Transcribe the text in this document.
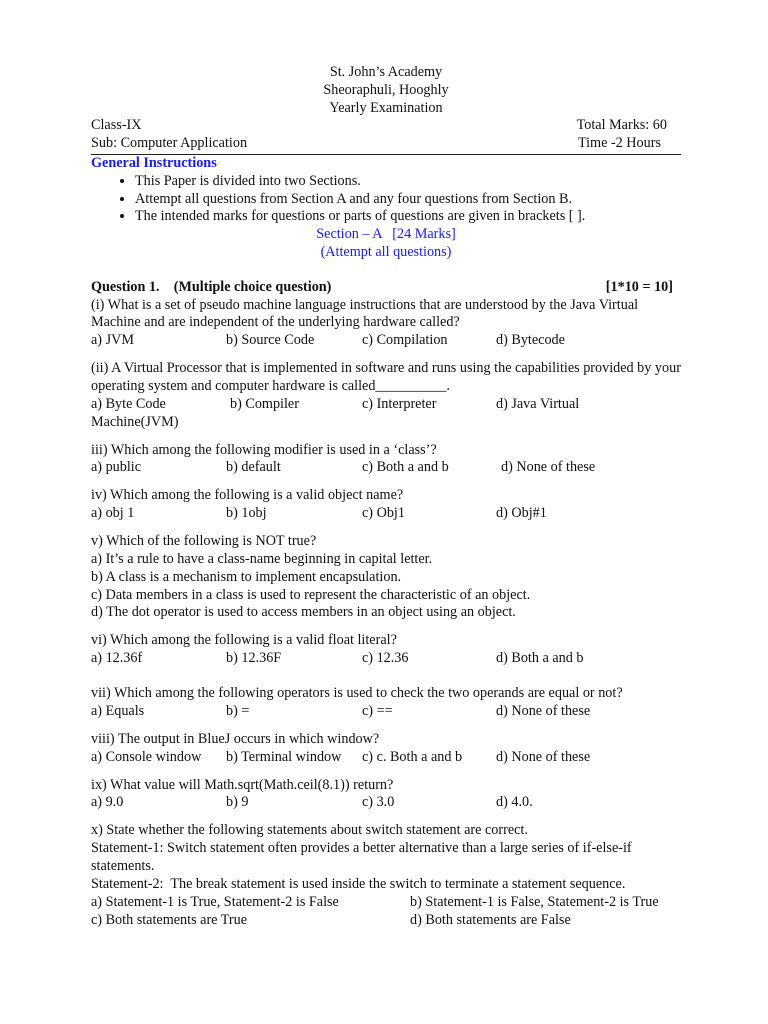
St. John’s Academy
Sheoraphuli, Hooghly
Yearly Examination
Class-IX	Total Marks: 60
Sub: Computer Application	Time -2 Hours
General Instructions
• This Paper is divided into two Sections.
• Attempt all questions from Section A and any four questions from Section B.
• The intended marks for questions or parts of questions are given in brackets [ ].
Section – A   [24 Marks]
(Attempt all questions)
Question 1.    (Multiple choice question)	[1*10 = 10]
(i) What is a set of pseudo machine language instructions that are understood by the Java Virtual Machine and are independent of the underlying hardware called?
a) JVM	b) Source Code	c) Compilation	d) Bytecode
(ii) A Virtual Processor that is implemented in software and runs using the capabilities provided by your operating system and computer hardware is called__________.
a) Byte Code	b) Compiler	c) Interpreter	d) Java Virtual
Machine(JVM)
iii) Which among the following modifier is used in a ‘class’?
a) public	b) default	c) Both a and b	d) None of these
iv) Which among the following is a valid object name?
a) obj 1	b) 1obj	c) Obj1	d) Obj#1
v) Which of the following is NOT true?
a) It’s a rule to have a class-name beginning in capital letter.
b) A class is a mechanism to implement encapsulation.
c) Data members in a class is used to represent the characteristic of an object.
d) The dot operator is used to access members in an object using an object.
vi) Which among the following is a valid float literal?
a) 12.36f	b) 12.36F	c) 12.36	d) Both a and b
vii) Which among the following operators is used to check the two operands are equal or not?
a) Equals	b) =	c) ==	d) None of these
viii) The output in BlueJ occurs in which window?
a) Console window b) Terminal window c) c. Both a and b d) None of these
ix) What value will Math.sqrt(Math.ceil(8.1)) return?
a) 9.0	b) 9	c) 3.0	d) 4.0.
x) State whether the following statements about switch statement are correct.
Statement-1: Switch statement often provides a better alternative than a large series of if-else-if statements.
Statement-2:  The break statement is used inside the switch to terminate a statement sequence.
a) Statement-1 is True, Statement-2 is False	b) Statement-1 is False, Statement-2 is True
c) Both statements are True	d) Both statements are False
